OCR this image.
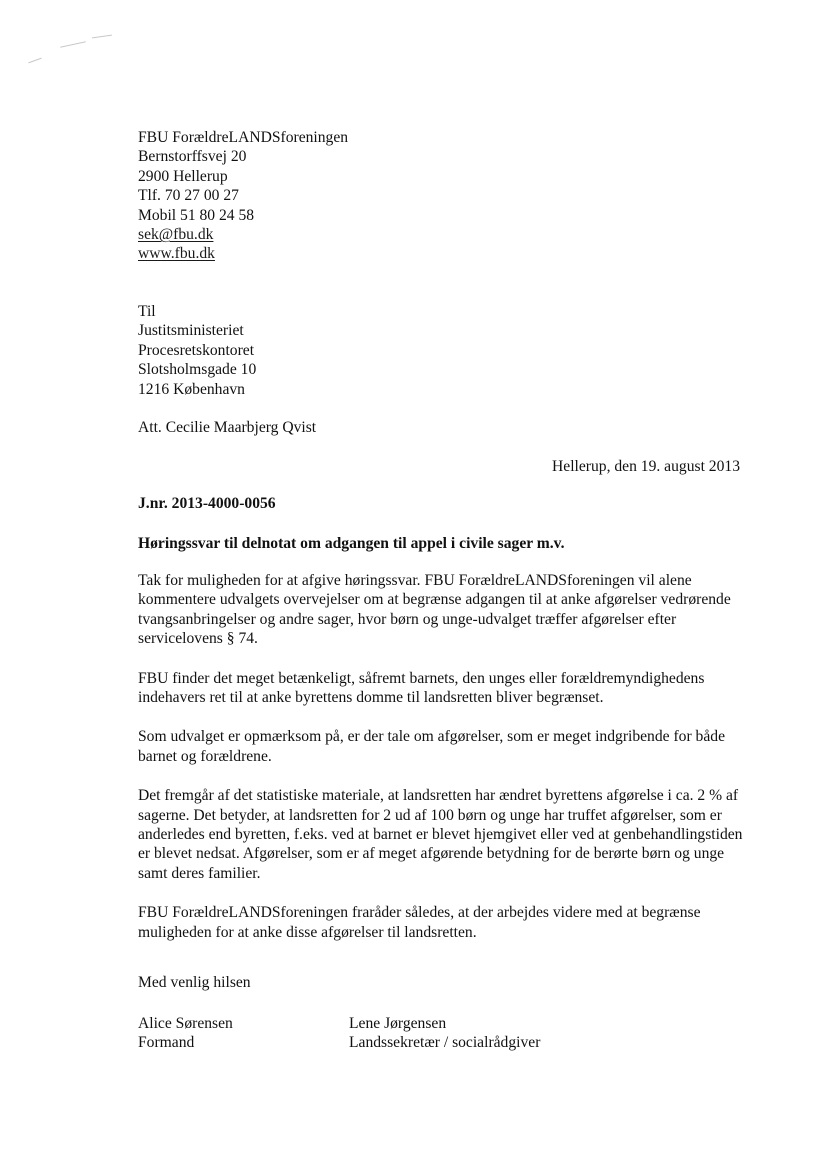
FBU ForældreLANDSforeningen
Bernstorffsvej 20
2900 Hellerup
Tlf. 70 27 00 27
Mobil 51 80 24 58
sek@fbu.dk
www.fbu.dk
Til
Justitsministeriet
Procesretskontoret
Slotsholmsgade 10
1216 København
Att. Cecilie Maarbjerg Qvist
Hellerup, den 19. august 2013
J.nr. 2013-4000-0056
Høringssvar til delnotat om adgangen til appel i civile sager m.v.

Tak for muligheden for at afgive høringssvar. FBU ForældreLANDSforeningen vil alene kommentere udvalgets overvejelser om at begrænse adgangen til at anke afgørelser vedrørende tvangsanbringelser og andre sager, hvor børn og unge-udvalget træffer afgørelser efter servicelovens § 74.

FBU finder det meget betænkeligt, såfremt barnets, den unges eller forældremyndighedens indehavers ret til at anke byrettens domme til landsretten bliver begrænset.

Som udvalget er opmærksom på, er der tale om afgørelser, som er meget indgribende for både barnet og forældrene.

Det fremgår af det statistiske materiale, at landsretten har ændret byrettens afgørelse i ca. 2 % af sagerne. Det betyder, at landsretten for 2 ud af 100 børn og unge har truffet afgørelser, som er anderledes end byretten, f.eks. ved at barnet er blevet hjemgivet eller ved at genbehandlingstiden er blevet nedsat. Afgørelser, som er af meget afgørende betydning for de berørte børn og unge samt deres familier.

FBU ForældreLANDSforeningen fraråder således, at der arbejdes videre med at begrænse muligheden for at anke disse afgørelser til landsretten.

Med venlig hilsen
Alice Sørensen
Formand
Lene Jørgensen
Landssekretær / socialrådgiver
